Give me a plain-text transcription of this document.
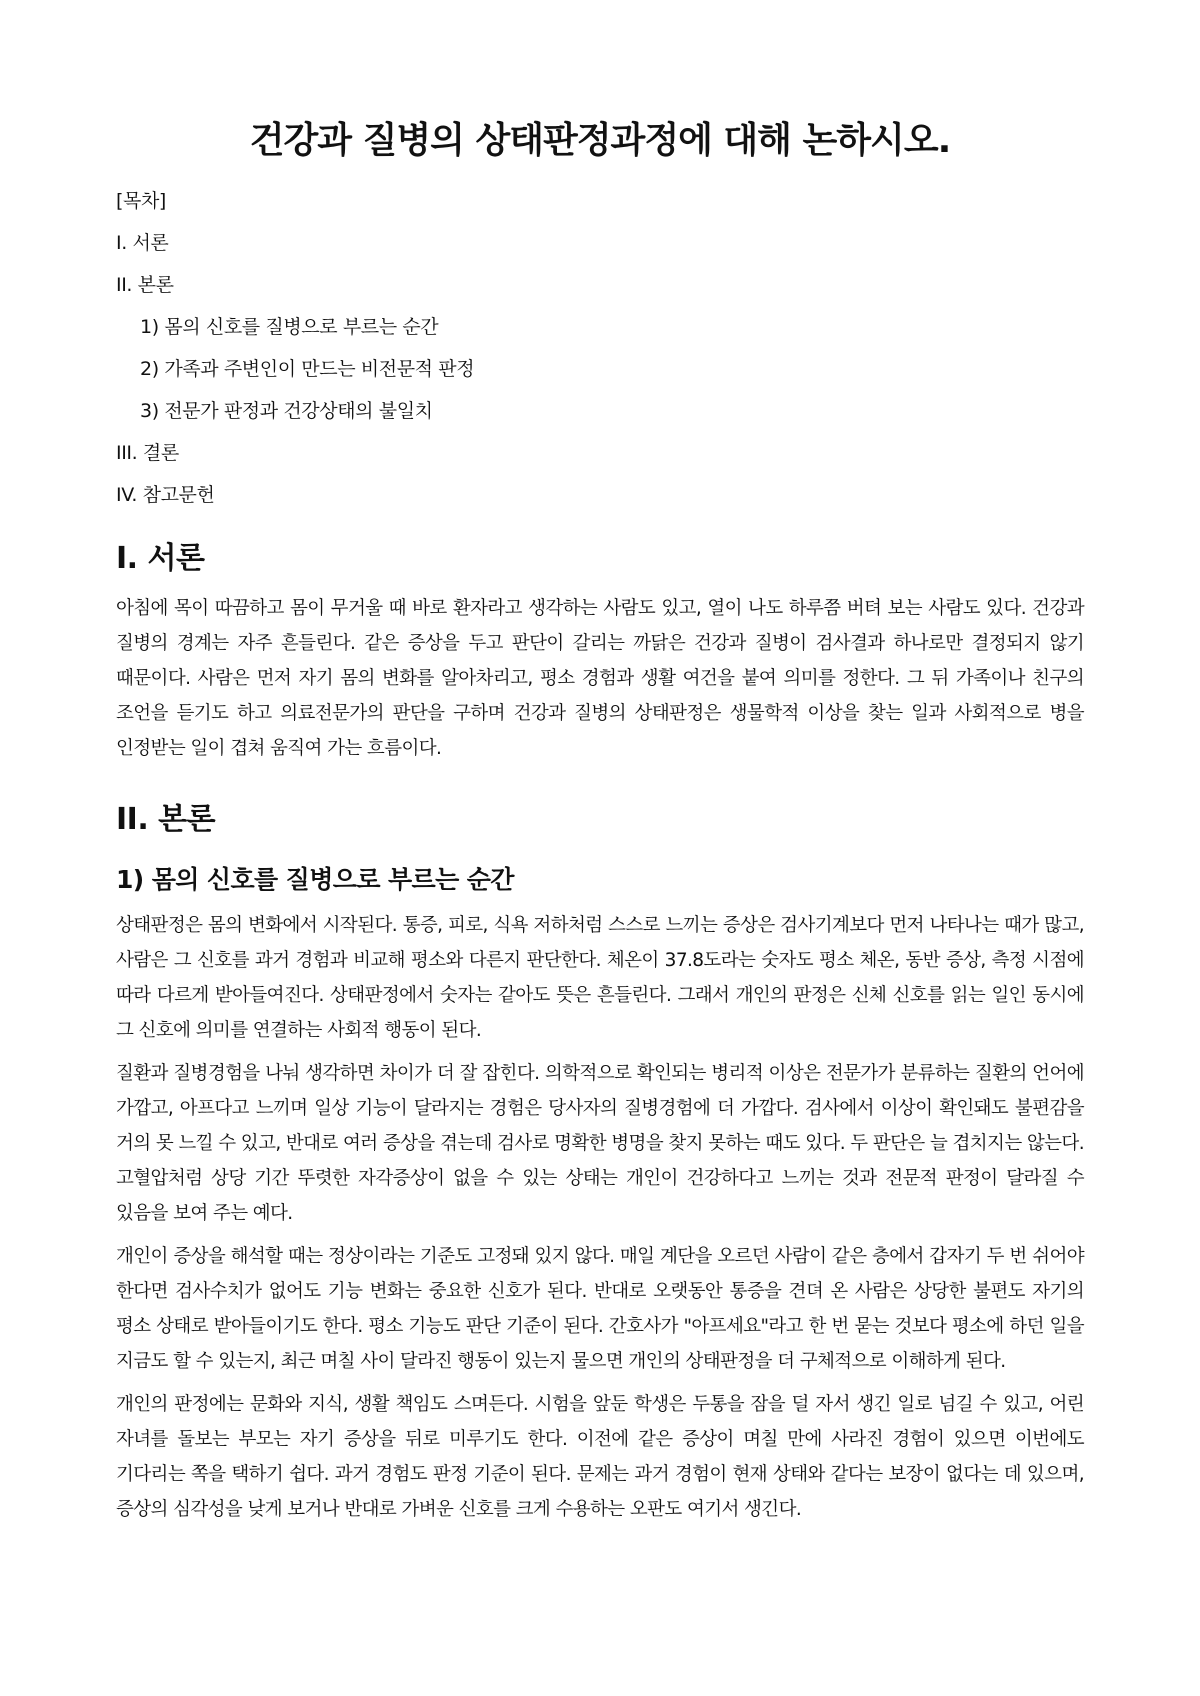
건강과 질병의 상태판정과정에 대해 논하시오.
[목차]
I. 서론
II. 본론
1) 몸의 신호를 질병으로 부르는 순간
2) 가족과 주변인이 만드는 비전문적 판정
3) 전문가 판정과 건강상태의 불일치
III. 결론
IV. 참고문헌
I. 서론

아침에 목이 따끔하고 몸이 무거울 때 바로 환자라고 생각하는 사람도 있고, 열이 나도 하루쯤 버텨 보는 사람도 있다. 건강과 질병의 경계는 자주 흔들린다. 같은 증상을 두고 판단이 갈리는 까닭은 건강과 질병이 검사결과 하나로만 결정되지 않기 때문이다. 사람은 먼저 자기 몸의 변화를 알아차리고, 평소 경험과 생활 여건을 붙여 의미를 정한다. 그 뒤 가족이나 친구의 조언을 듣기도 하고 의료전문가의 판단을 구하며 건강과 질병의 상태판정은 생물학적 이상을 찾는 일과 사회적으로 병을 인정받는 일이 겹쳐 움직여 가는 흐름이다.

II. 본론
1) 몸의 신호를 질병으로 부르는 순간

상태판정은 몸의 변화에서 시작된다. 통증, 피로, 식욕 저하처럼 스스로 느끼는 증상은 검사기계보다 먼저 나타나는 때가 많고, 사람은 그 신호를 과거 경험과 비교해 평소와 다른지 판단한다. 체온이 37.8도라는 숫자도 평소 체온, 동반 증상, 측정 시점에 따라 다르게 받아들여진다. 상태판정에서 숫자는 같아도 뜻은 흔들린다. 그래서 개인의 판정은 신체 신호를 읽는 일인 동시에 그 신호에 의미를 연결하는 사회적 행동이 된다.

질환과 질병경험을 나눠 생각하면 차이가 더 잘 잡힌다. 의학적으로 확인되는 병리적 이상은 전문가가 분류하는 질환의 언어에 가깝고, 아프다고 느끼며 일상 기능이 달라지는 경험은 당사자의 질병경험에 더 가깝다. 검사에서 이상이 확인돼도 불편감을 거의 못 느낄 수 있고, 반대로 여러 증상을 겪는데 검사로 명확한 병명을 찾지 못하는 때도 있다. 두 판단은 늘 겹치지는 않는다. 고혈압처럼 상당 기간 뚜렷한 자각증상이 없을 수 있는 상태는 개인이 건강하다고 느끼는 것과 전문적 판정이 달라질 수 있음을 보여 주는 예다.

개인이 증상을 해석할 때는 정상이라는 기준도 고정돼 있지 않다. 매일 계단을 오르던 사람이 같은 층에서 갑자기 두 번 쉬어야 한다면 검사수치가 없어도 기능 변화는 중요한 신호가 된다. 반대로 오랫동안 통증을 견뎌 온 사람은 상당한 불편도 자기의 평소 상태로 받아들이기도 한다. 평소 기능도 판단 기준이 된다. 간호사가 "아프세요"라고 한 번 묻는 것보다 평소에 하던 일을 지금도 할 수 있는지, 최근 며칠 사이 달라진 행동이 있는지 물으면 개인의 상태판정을 더 구체적으로 이해하게 된다.

개인의 판정에는 문화와 지식, 생활 책임도 스며든다. 시험을 앞둔 학생은 두통을 잠을 덜 자서 생긴 일로 넘길 수 있고, 어린 자녀를 돌보는 부모는 자기 증상을 뒤로 미루기도 한다. 이전에 같은 증상이 며칠 만에 사라진 경험이 있으면 이번에도 기다리는 쪽을 택하기 쉽다. 과거 경험도 판정 기준이 된다. 문제는 과거 경험이 현재 상태와 같다는 보장이 없다는 데 있으며, 증상의 심각성을 낮게 보거나 반대로 가벼운 신호를 크게 수용하는 오판도 여기서 생긴다.
